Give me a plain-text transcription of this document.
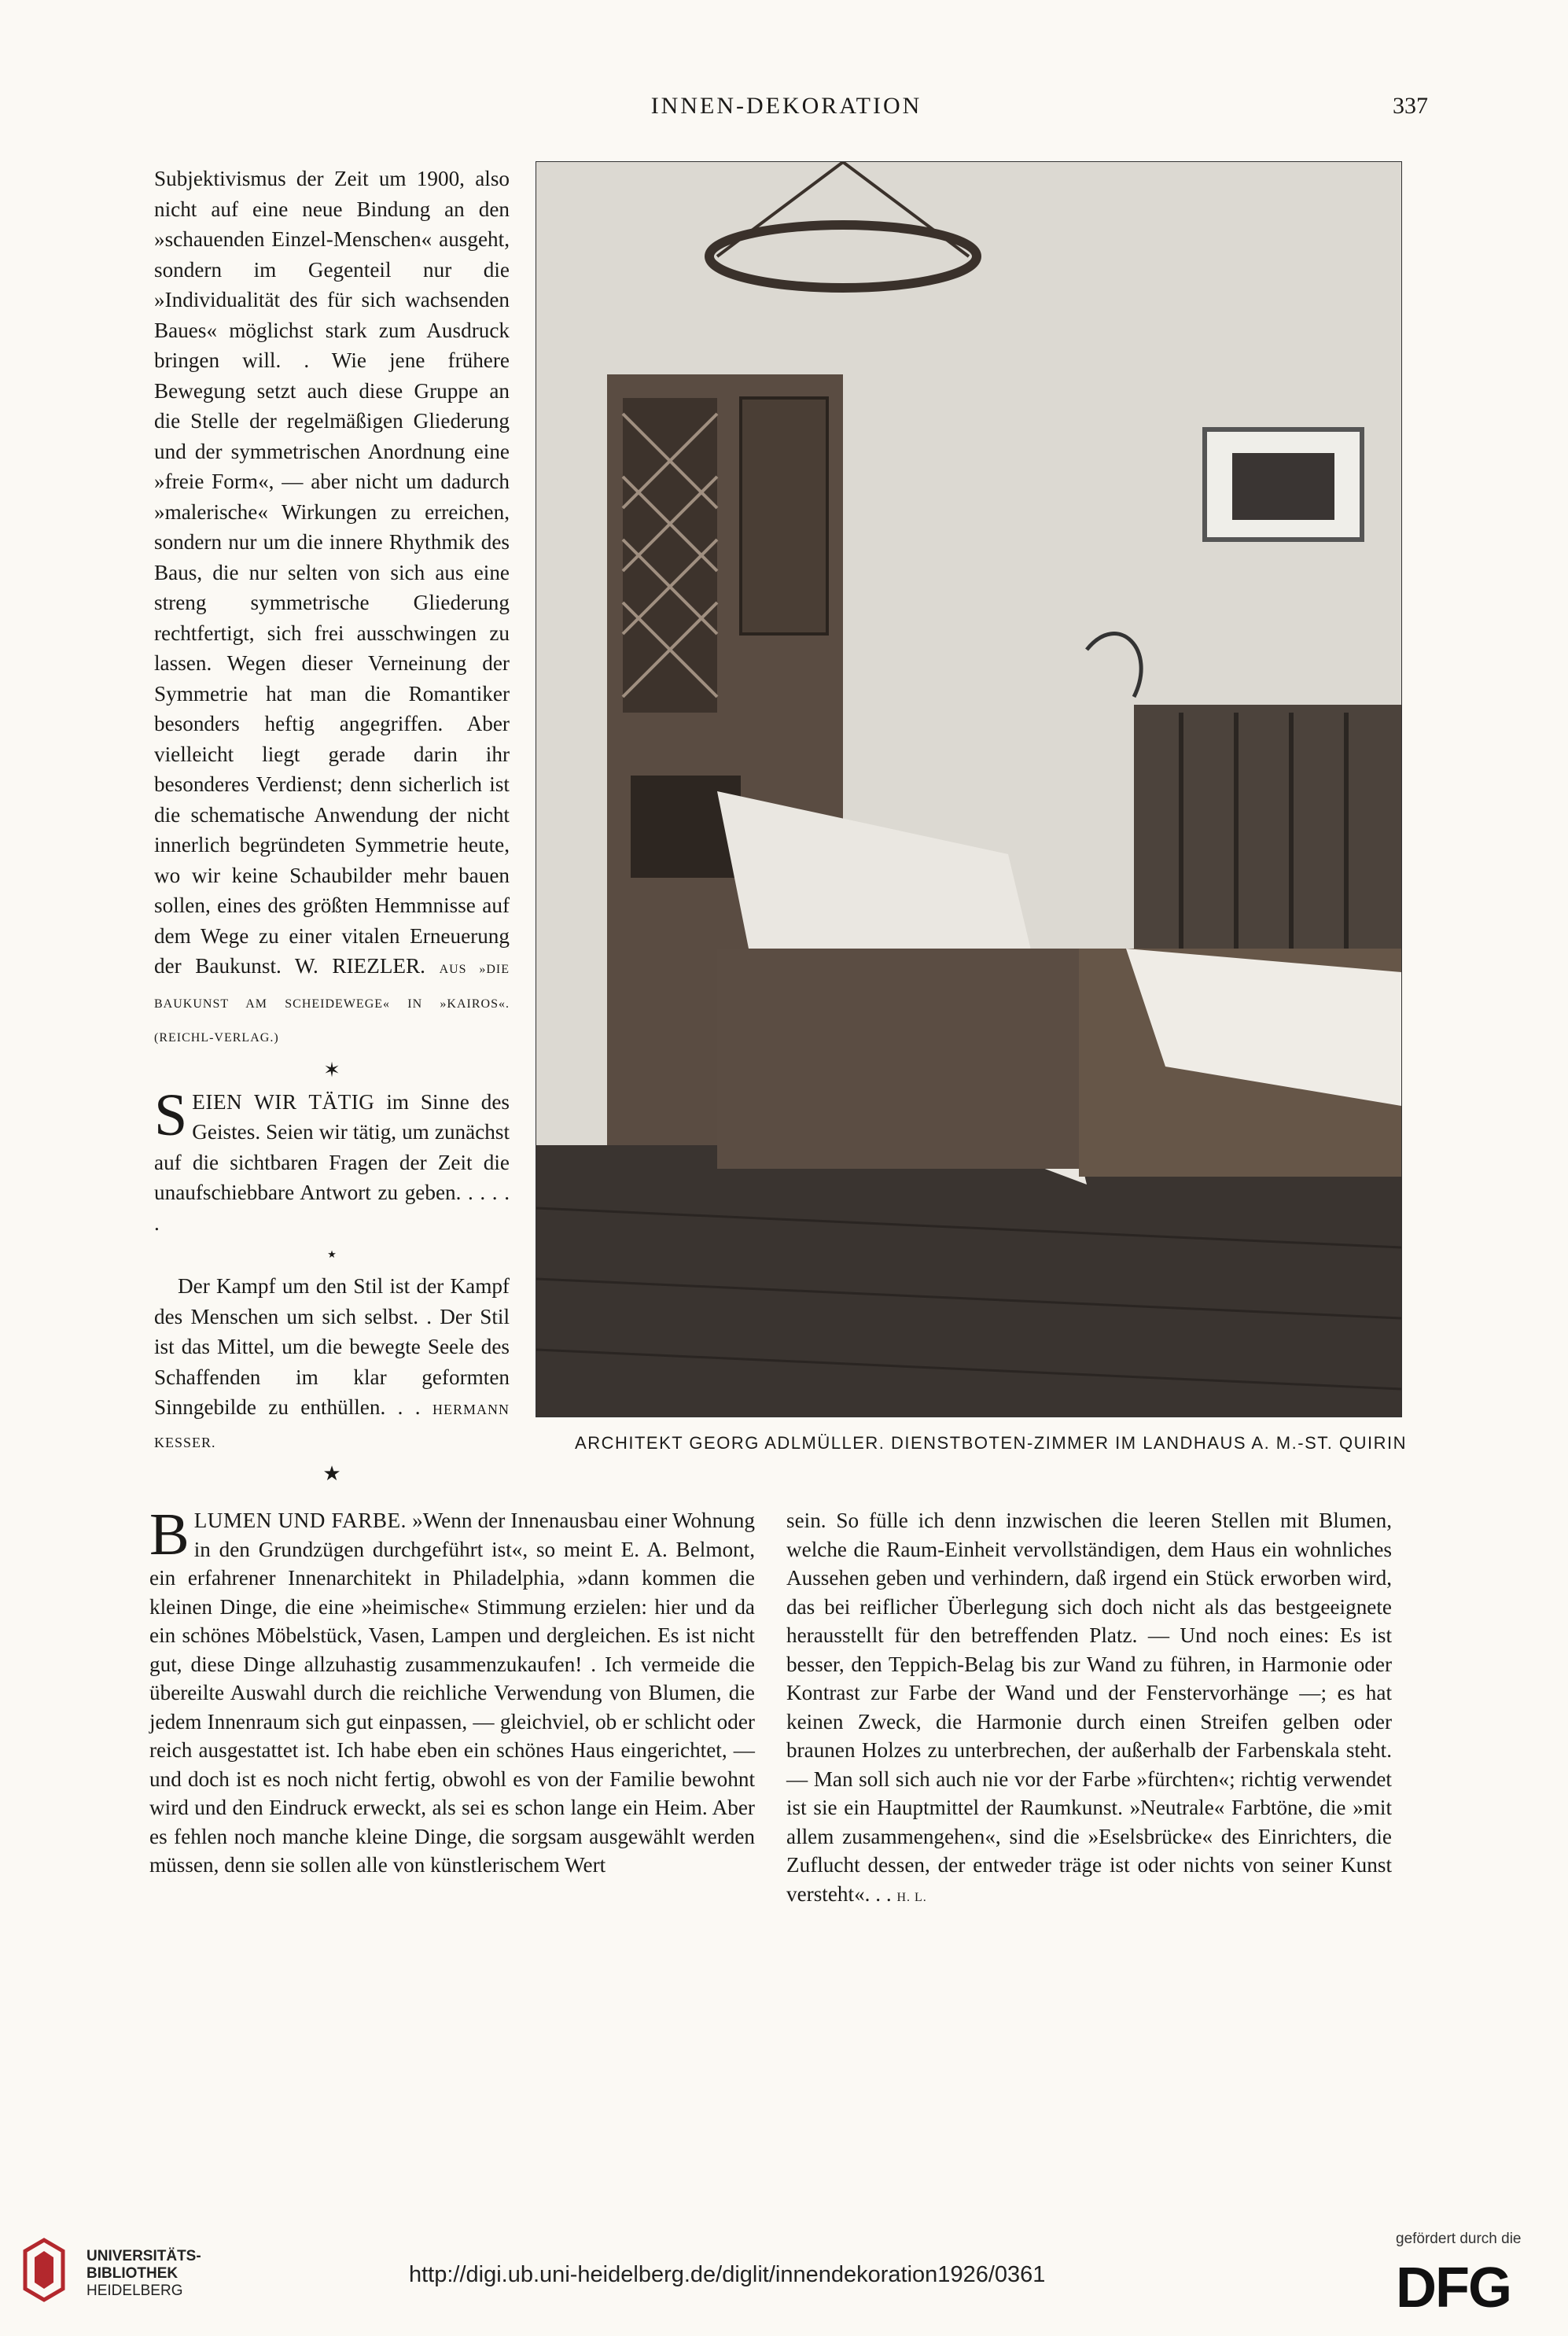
INNEN-DEKORATION	337

Subjektivismus der Zeit um 1900, also nicht auf eine neue Bindung an den »schauenden Einzel-Menschen« ausgeht, sondern im Gegenteil nur die »Individualität des für sich wachsenden Baues« möglichst stark zum Ausdruck bringen will. . Wie jene frühere Bewegung setzt auch diese Gruppe an die Stelle der regelmäßigen Gliederung und der symmetrischen Anordnung eine »freie Form«, — aber nicht um dadurch »malerische« Wirkungen zu erreichen, sondern nur um die innere Rhythmik des Baus, die nur selten von sich aus eine streng symmetrische Gliederung rechtfertigt, sich frei ausschwingen zu lassen. Wegen dieser Verneinung der Symmetrie hat man die Romantiker besonders heftig angegriffen. Aber vielleicht liegt gerade darin ihr besonderes Verdienst; denn sicherlich ist die schematische Anwendung der nicht innerlich begründeten Symmetrie heute, wo wir keine Schaubilder mehr bauen sollen, eines des größten Hemmnisse auf dem Wege zu einer vitalen Erneuerung der Baukunst. W. RIEZLER. AUS »DIE BAUKUNST AM SCHEIDEWEGE« IN »KAIROS«. (REICHL-VERLAG.)

✶

SEIEN WIR TÄTIG im Sinne des Geistes. Seien wir tätig, um zunächst auf die sichtbaren Fragen der Zeit die unaufschiebbare Antwort zu geben. . . . . .

⋆

Der Kampf um den Stil ist der Kampf des Menschen um sich selbst. . Der Stil ist das Mittel, um die bewegte Seele des Schaffenden im klar geformten Sinngebilde zu enthüllen. . . HERMANN KESSER.

★
ARCHITEKT GEORG ADLMÜLLER. DIENSTBOTEN-ZIMMER IM LANDHAUS A. M.-ST. QUIRIN

BLUMEN UND FARBE. »Wenn der Innenausbau einer Wohnung in den Grundzügen durchgeführt ist«, so meint E. A. Belmont, ein erfahrener Innenarchitekt in Philadelphia, »dann kommen die kleinen Dinge, die eine »heimische« Stimmung erzielen: hier und da ein schönes Möbelstück, Vasen, Lampen und dergleichen. Es ist nicht gut, diese Dinge allzuhastig zusammenzukaufen! . Ich vermeide die übereilte Auswahl durch die reichliche Verwendung von Blumen, die jedem Innenraum sich gut einpassen, — gleichviel, ob er schlicht oder reich ausgestattet ist. Ich habe eben ein schönes Haus eingerichtet, — und doch ist es noch nicht fertig, obwohl es von der Familie bewohnt wird und den Eindruck erweckt, als sei es schon lange ein Heim. Aber es fehlen noch manche kleine Dinge, die sorgsam ausgewählt werden müssen, denn sie sollen alle von künstlerischem Wert

sein. So fülle ich denn inzwischen die leeren Stellen mit Blumen, welche die Raum-Einheit vervollständigen, dem Haus ein wohnliches Aussehen geben und verhindern, daß irgend ein Stück erworben wird, das bei reiflicher Überlegung sich doch nicht als das bestgeeignete herausstellt für den betreffenden Platz. — Und noch eines: Es ist besser, den Teppich-Belag bis zur Wand zu führen, in Harmonie oder Kontrast zur Farbe der Wand und der Fenstervorhänge —; es hat keinen Zweck, die Harmonie durch einen Streifen gelben oder braunen Holzes zu unterbrechen, der außerhalb der Farbenskala steht. — Man soll sich auch nie vor der Farbe »fürchten«; richtig verwendet ist sie ein Hauptmittel der Raumkunst. »Neutrale« Farbtöne, die »mit allem zusammengehen«, sind die »Eselsbrücke« des Einrichters, die Zuflucht dessen, der entweder träge ist oder nichts von seiner Kunst versteht«. . . H. L.

UNIVERSITÄTS-
BIBLIOTHEK
HEIDELBERG
http://digi.ub.uni-heidelberg.de/diglit/innendekoration1926/0361
gefördert durch die
DFG
